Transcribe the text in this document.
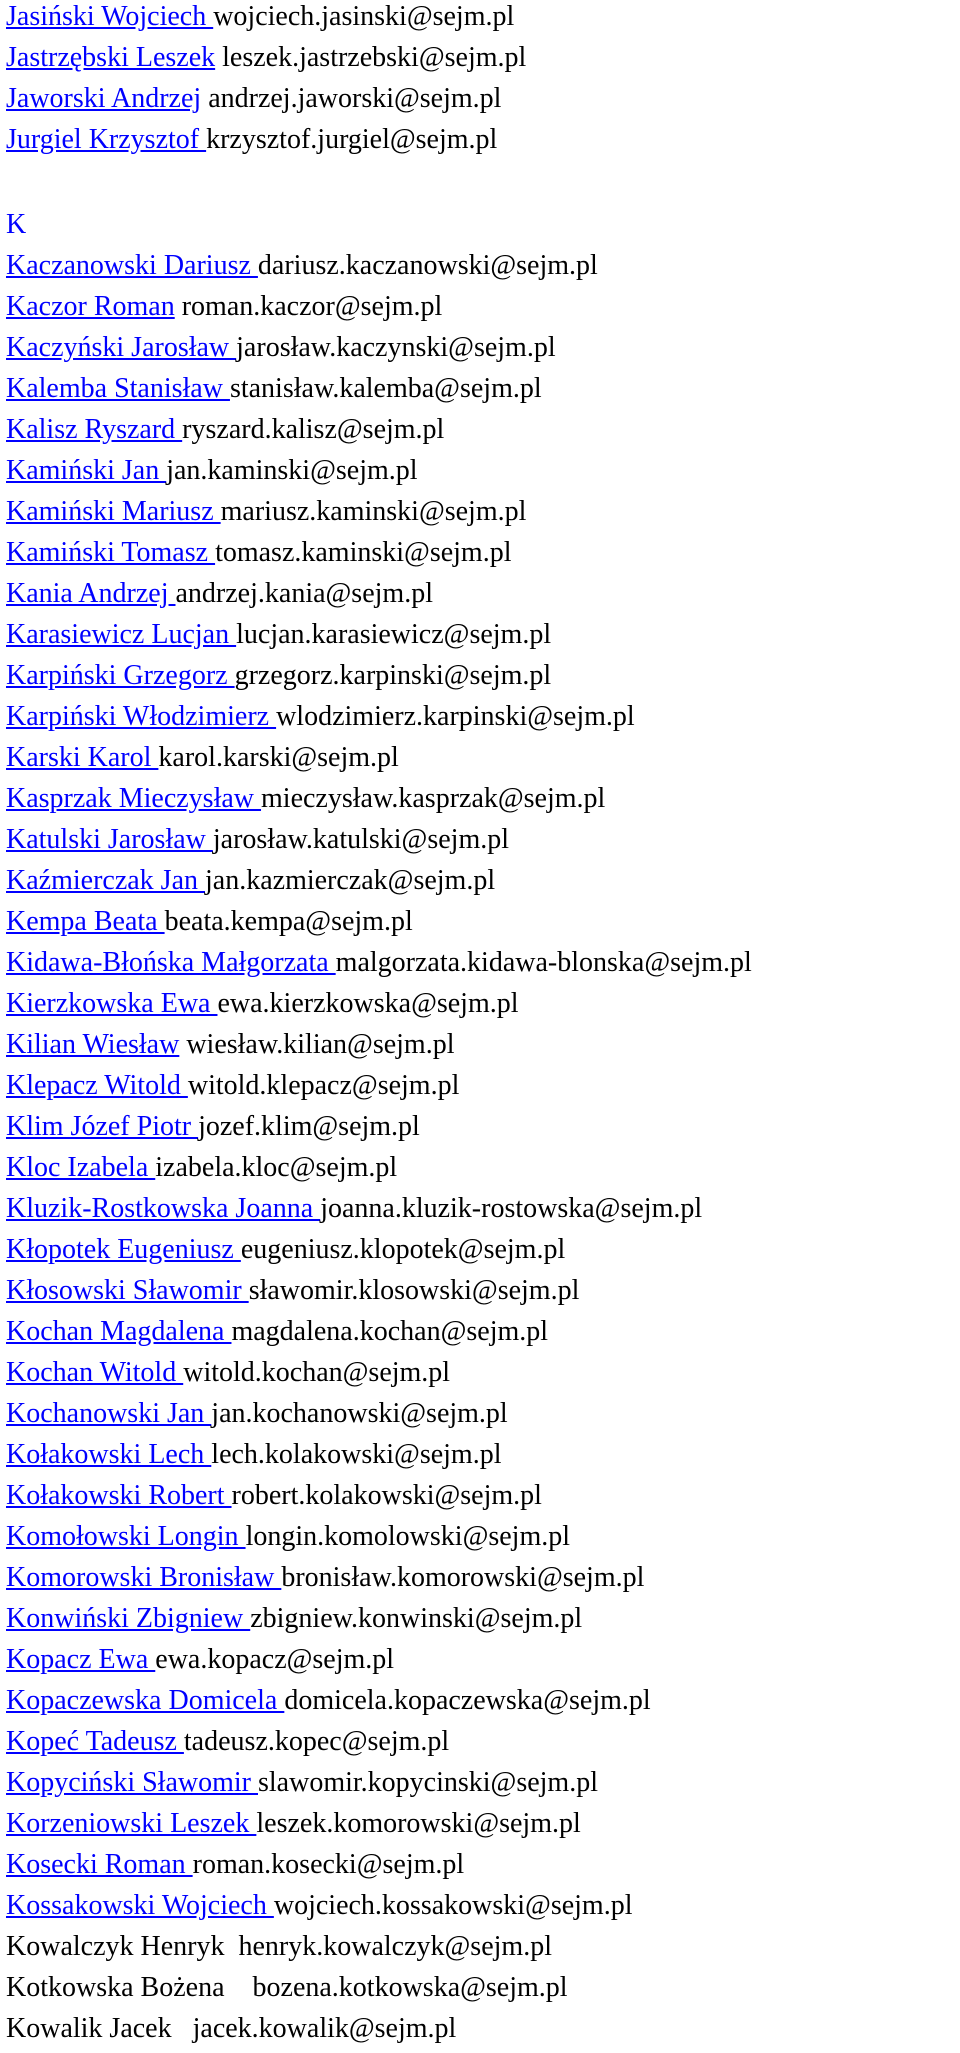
Jasiński Wojciech wojciech.jasinski@sejm.pl
Jastrzębski Leszek leszek.jastrzebski@sejm.pl
Jaworski Andrzej andrzej.jaworski@sejm.pl
Jurgiel Krzysztof krzysztof.jurgiel@sejm.pl
K
Kaczanowski Dariusz dariusz.kaczanowski@sejm.pl
Kaczor Roman roman.kaczor@sejm.pl
Kaczyński Jarosław jarosław.kaczynski@sejm.pl
Kalemba Stanisław stanisław.kalemba@sejm.pl
Kalisz Ryszard ryszard.kalisz@sejm.pl
Kamiński Jan jan.kaminski@sejm.pl
Kamiński Mariusz mariusz.kaminski@sejm.pl
Kamiński Tomasz tomasz.kaminski@sejm.pl
Kania Andrzej andrzej.kania@sejm.pl
Karasiewicz Lucjan lucjan.karasiewicz@sejm.pl
Karpiński Grzegorz grzegorz.karpinski@sejm.pl
Karpiński Włodzimierz wlodzimierz.karpinski@sejm.pl
Karski Karol karol.karski@sejm.pl
Kasprzak Mieczysław mieczysław.kasprzak@sejm.pl
Katulski Jarosław jarosław.katulski@sejm.pl
Kaźmierczak Jan jan.kazmierczak@sejm.pl
Kempa Beata beata.kempa@sejm.pl
Kidawa-Błońska Małgorzata malgorzata.kidawa-blonska@sejm.pl
Kierzkowska Ewa ewa.kierzkowska@sejm.pl
Kilian Wiesław wiesław.kilian@sejm.pl
Klepacz Witold witold.klepacz@sejm.pl
Klim Józef Piotr jozef.klim@sejm.pl
Kloc Izabela izabela.kloc@sejm.pl
Kluzik-Rostkowska Joanna joanna.kluzik-rostowska@sejm.pl
Kłopotek Eugeniusz eugeniusz.klopotek@sejm.pl
Kłosowski Sławomir sławomir.klosowski@sejm.pl
Kochan Magdalena magdalena.kochan@sejm.pl
Kochan Witold witold.kochan@sejm.pl
Kochanowski Jan jan.kochanowski@sejm.pl
Kołakowski Lech lech.kolakowski@sejm.pl
Kołakowski Robert robert.kolakowski@sejm.pl
Komołowski Longin longin.komolowski@sejm.pl
Komorowski Bronisław bronisław.komorowski@sejm.pl
Konwiński Zbigniew zbigniew.konwinski@sejm.pl
Kopacz Ewa ewa.kopacz@sejm.pl
Kopaczewska Domicela domicela.kopaczewska@sejm.pl
Kopeć Tadeusz tadeusz.kopec@sejm.pl
Kopyciński Sławomir slawomir.kopycinski@sejm.pl
Korzeniowski Leszek leszek.komorowski@sejm.pl
Kosecki Roman roman.kosecki@sejm.pl
Kossakowski Wojciech wojciech.kossakowski@sejm.pl
Kowalczyk Henryk  henryk.kowalczyk@sejm.pl
Kotkowska Bożena    bozena.kotkowska@sejm.pl
Kowalik Jacek   jacek.kowalik@sejm.pl
